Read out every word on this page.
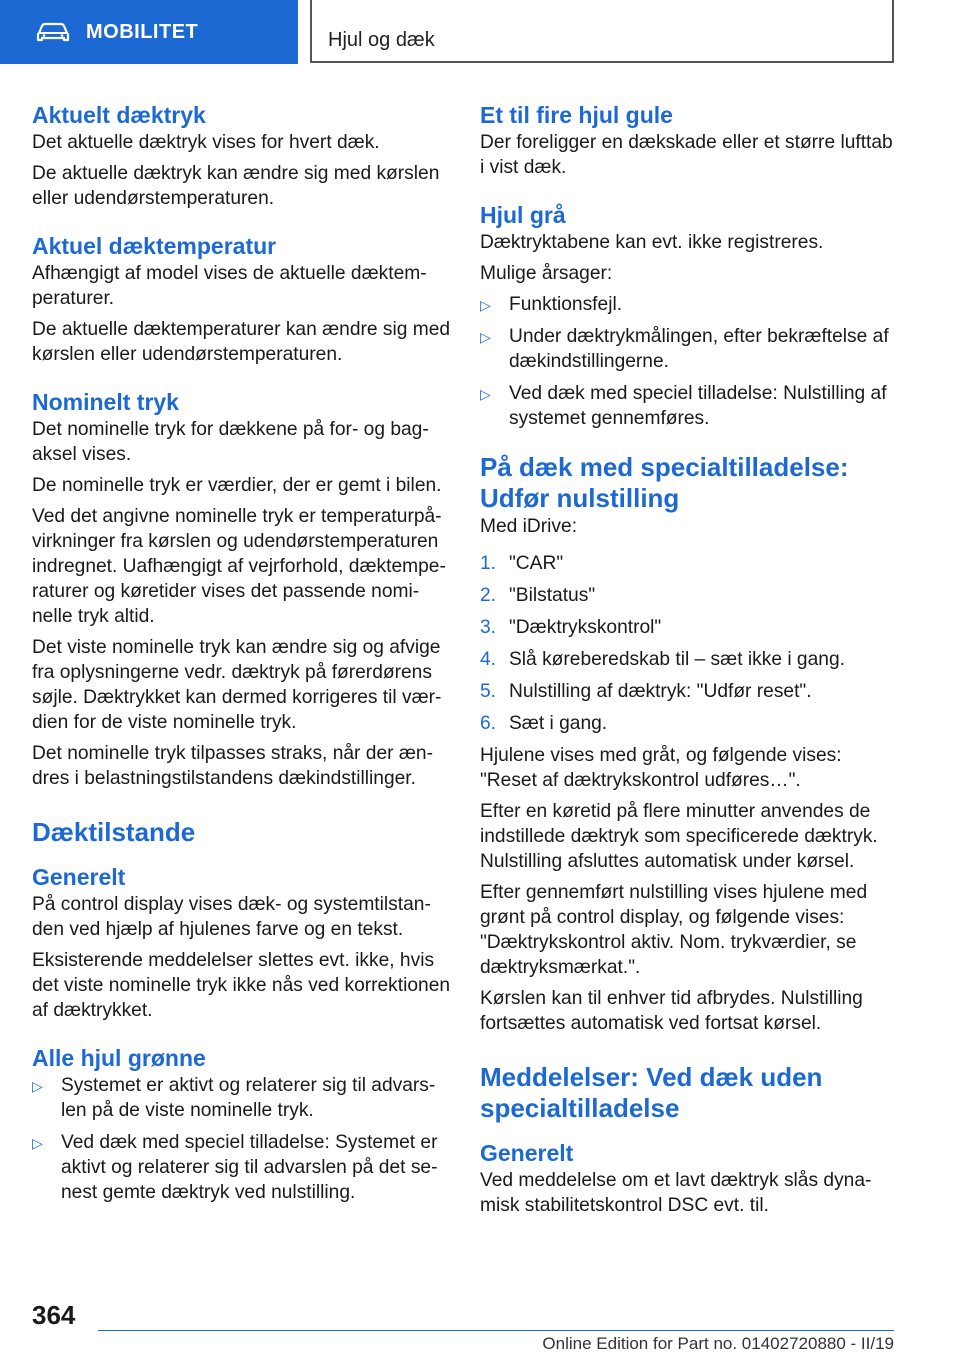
MOBILITET	Hjul og dæk
Aktuelt dæktryk

Det aktuelle dæktryk vises for hvert dæk.

De aktuelle dæktryk kan ændre sig med kørslen eller udendørstemperaturen.

Aktuel dæktemperatur

Afhængigt af model vises de aktuelle dæktemperaturer.

De aktuelle dæktemperaturer kan ændre sig med kørslen eller udendørstemperaturen.

Nominelt tryk

Det nominelle tryk for dækkene på for- og bagaksel vises.

De nominelle tryk er værdier, der er gemt i bilen.

Ved det angivne nominelle tryk er temperaturpåvirkninger fra kørslen og udendørstemperaturen indregnet. Uafhængigt af vejrforhold, dæktemperaturer og køretider vises det passende nominelle tryk altid.

Det viste nominelle tryk kan ændre sig og afvige fra oplysningerne vedr. dæktryk på førerdørens søjle. Dæktrykket kan dermed korrigeres til værdien for de viste nominelle tryk.

Det nominelle tryk tilpasses straks, når der ændres i belastningstilstandens dækindstillinger.

Dæktilstande
Generelt

På control display vises dæk- og systemtilstanden ved hjælp af hjulenes farve og en tekst.

Eksisterende meddelelser slettes evt. ikke, hvis det viste nominelle tryk ikke nås ved korrektionen af dæktrykket.

Alle hjul grønne
▷ Systemet er aktivt og relaterer sig til advarslen på de viste nominelle tryk.
▷ Ved dæk med speciel tilladelse: Systemet er aktivt og relaterer sig til advarslen på det senest gemte dæktryk ved nulstilling.
Et til fire hjul gule

Der foreligger en dækskade eller et større lufttab i vist dæk.

Hjul grå

Dæktryktabene kan evt. ikke registreres.

Mulige årsager:

▷ Funktionsfejl.
▷ Under dæktrykmålingen, efter bekræftelse af dækindstillingerne.
▷ Ved dæk med speciel tilladelse: Nulstilling af systemet gennemføres.
På dæk med specialtilladelse: Udfør nulstilling

Med iDrive:

1. "CAR"
2. "Bilstatus"
3. "Dæktrykskontrol"
4. Slå køreberedskab til – sæt ikke i gang.
5. Nulstilling af dæktryk: "Udfør reset".
6. Sæt i gang.

Hjulene vises med gråt, og følgende vises: "Reset af dæktrykskontrol udføres…".

Efter en køretid på flere minutter anvendes de indstillede dæktryk som specificerede dæktryk. Nulstilling afsluttes automatisk under kørsel.

Efter gennemført nulstilling vises hjulene med grønt på control display, og følgende vises: "Dæktrykskontrol aktiv. Nom. trykværdier, se dæktryksmærkat.".

Kørslen kan til enhver tid afbrydes. Nulstilling fortsættes automatisk ved fortsat kørsel.

Meddelelser: Ved dæk uden specialtilladelse
Generelt

Ved meddelelse om et lavt dæktryk slås dynamisk stabilitetskontrol DSC evt. til.

364
Online Edition for Part no. 01402720880 - II/19
